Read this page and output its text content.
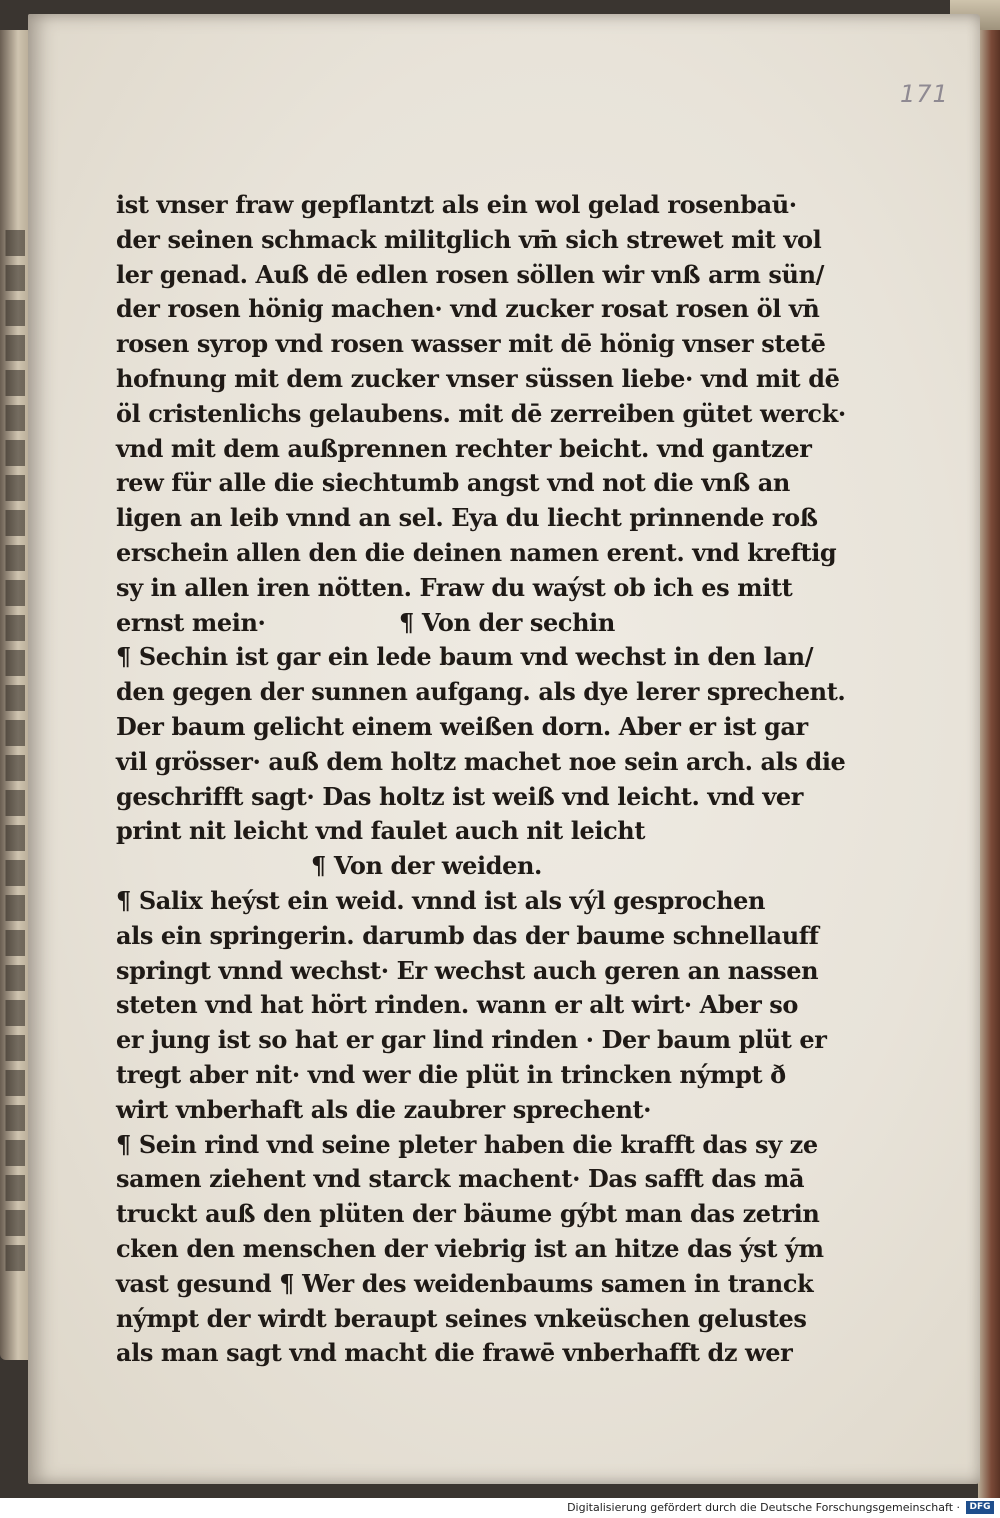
171
ist vnser fraw gepflantzt als ein wol gelad rosenbaū·
der seinen schmack militglich vm̄ sich strewet mit vol
ler genad. Auß dē edlen rosen söllen wir vnß arm sün/
der rosen hönig machen· vnd zucker rosat rosen öl vn̄
rosen syrop vnd rosen wasser mit dē hönig vnser stetē
hofnung mit dem zucker vnser süssen liebe· vnd mit dē
öl cristenlichs gelaubens. mit dē zerreiben gütet werck·
vnd mit dem außprennen rechter beicht. vnd gantzer
rew für alle die siechtumb angst vnd not die vnß an
ligen an leib vnnd an sel. Eya du liecht prinnende roß
erschein allen den die deinen namen erent. vnd kreftig
sy in allen iren nötten. Fraw du waýst ob ich es mitt
ernst mein·	¶ Von der sechin
¶ Sechin ist gar ein lede baum vnd wechst in den lan/
den gegen der sunnen aufgang. als dye lerer sprechent.
Der baum gelicht einem weißen dorn. Aber er ist gar
vil grösser· auß dem holtz machet noe sein arch. als die
geschrifft sagt· Das holtz ist weiß vnd leicht. vnd ver
print nit leicht vnd faulet auch nit leicht
¶ Von der weiden.
¶ Salix heýst ein weid. vnnd ist als výl gesprochen
als ein springerin. darumb das der baume schnellauff
springt vnnd wechst· Er wechst auch geren an nassen
steten vnd hat hört rinden. wann er alt wirt· Aber so
er jung ist so hat er gar lind rinden · Der baum plüt er
tregt aber nit· vnd wer die plüt in trincken nýmpt ð
wirt vnberhaft als die zaubrer sprechent·
¶ Sein rind vnd seine pleter haben die krafft das sy ze
samen ziehent vnd starck machent· Das safft das mā
truckt auß den plüten der bäume gýbt man das zetrin
cken den menschen der viebrig ist an hitze das ýst ým
vast gesund ¶ Wer des weidenbaums samen in tranck
nýmpt der wirdt beraupt seines vnkeüschen gelustes
als man sagt vnd macht die frawē vnberhafft dz wer
Digitalisierung gefördert durch die Deutsche Forschungsgemeinschaft ·	DFG
